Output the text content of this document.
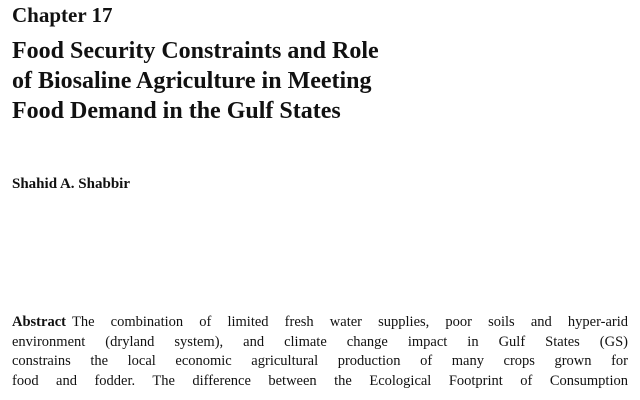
Chapter 17
Food Security Constraints and Role
of Biosaline Agriculture in Meeting
Food Demand in the Gulf States
Shahid A. Shabbir
Abstract The combination of limited fresh water supplies, poor soils and hyper-arid
environment (dryland system), and climate change impact in Gulf States (GS)
constrains the local economic agricultural production of many crops grown for
food and fodder. The difference between the Ecological Footprint of Consumption
